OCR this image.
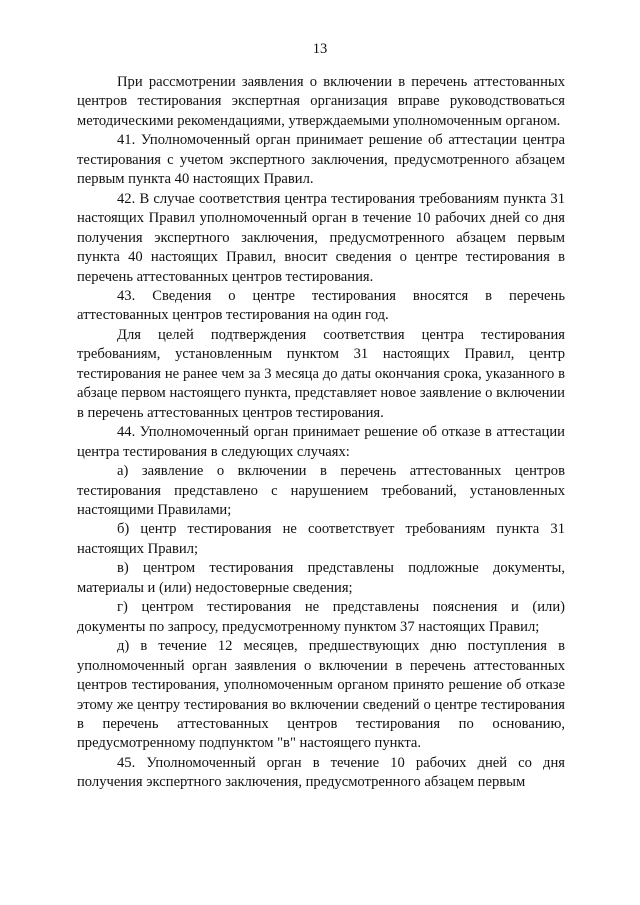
13

При рассмотрении заявления о включении в перечень аттестованных центров тестирования экспертная организация вправе руководствоваться методическими рекомендациями, утверждаемыми уполномоченным органом.

41. Уполномоченный орган принимает решение об аттестации центра тестирования с учетом экспертного заключения, предусмотренного абзацем первым пункта 40 настоящих Правил.

42. В случае соответствия центра тестирования требованиям пункта 31 настоящих Правил уполномоченный орган в течение 10 рабочих дней со дня получения экспертного заключения, предусмотренного абзацем первым пункта 40 настоящих Правил, вносит сведения о центре тестирования в перечень аттестованных центров тестирования.

43. Сведения о центре тестирования вносятся в перечень аттестованных центров тестирования на один год.

Для целей подтверждения соответствия центра тестирования требованиям, установленным пунктом 31 настоящих Правил, центр тестирования не ранее чем за 3 месяца до даты окончания срока, указанного в абзаце первом настоящего пункта, представляет новое заявление о включении в перечень аттестованных центров тестирования.

44. Уполномоченный орган принимает решение об отказе в аттестации центра тестирования в следующих случаях:

а) заявление о включении в перечень аттестованных центров тестирования представлено с нарушением требований, установленных настоящими Правилами;

б) центр тестирования не соответствует требованиям пункта 31 настоящих Правил;

в) центром тестирования представлены подложные документы, материалы и (или) недостоверные сведения;

г) центром тестирования не представлены пояснения и (или) документы по запросу, предусмотренному пунктом 37 настоящих Правил;

д) в течение 12 месяцев, предшествующих дню поступления в уполномоченный орган заявления о включении в перечень аттестованных центров тестирования, уполномоченным органом принято решение об отказе этому же центру тестирования во включении сведений о центре тестирования в перечень аттестованных центров тестирования по основанию, предусмотренному подпунктом "в" настоящего пункта.

45. Уполномоченный орган в течение 10 рабочих дней со дня получения экспертного заключения, предусмотренного абзацем первым
